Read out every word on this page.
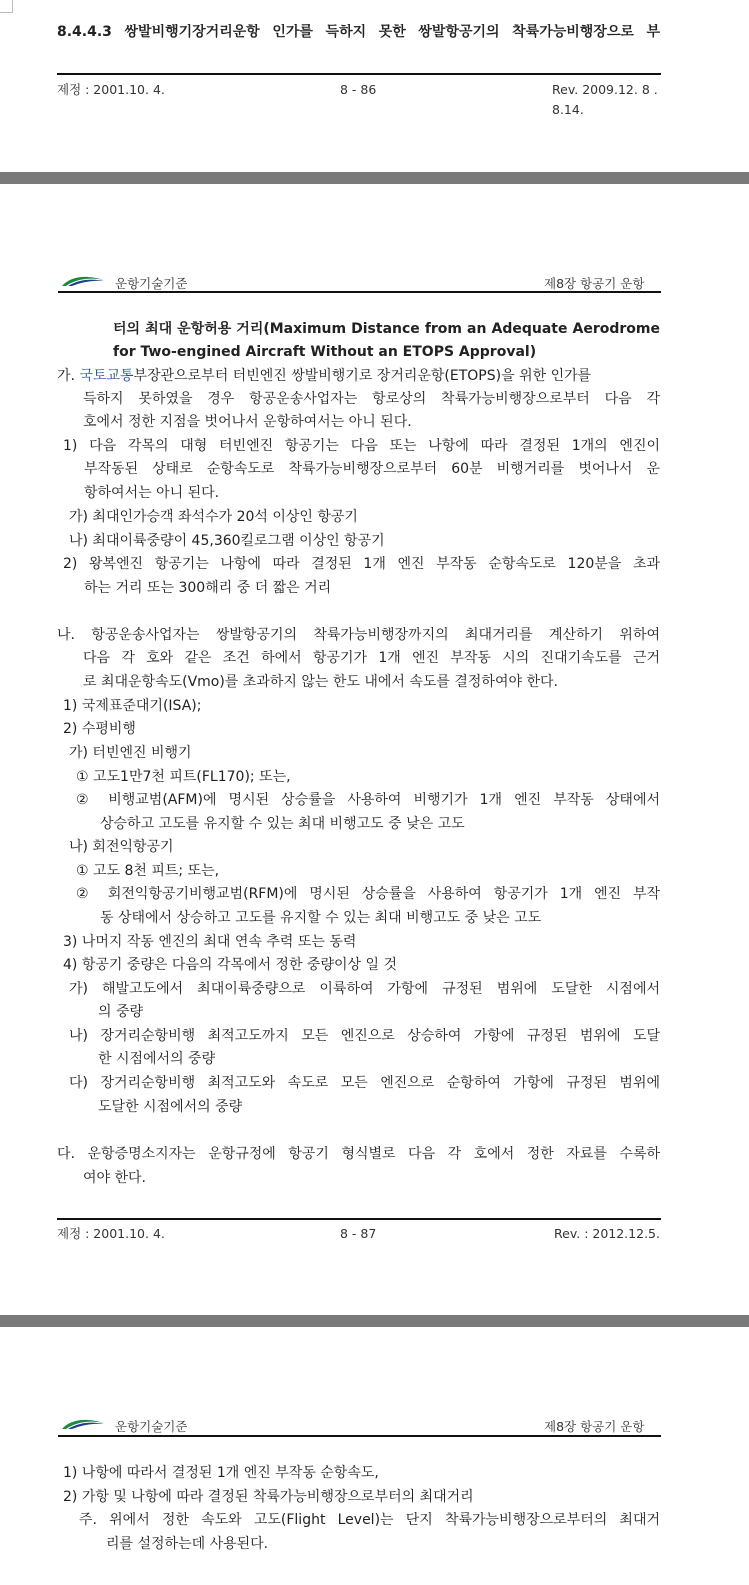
8.4.4.3 쌍발비행기장거리운항 인가를 득하지 못한 쌍발항공기의 착륙가능비행장으로 부
제정 : 2001.10. 4.	8 - 86	Rev. 2009.12. 8 .
8.14.
운항기술기준	제8장 항공기 운항
터의 최대 운항허용 거리(Maximum Distance from an Adequate Aerodrome
for Two-engined Aircraft Without an ETOPS Approval)
가. 국토교통부장관으로부터 터빈엔진 쌍발비행기로 장거리운항(ETOPS)을 위한 인가를
득하지 못하였을 경우 항공운송사업자는 항로상의 착륙가능비행장으로부터 다음 각
호에서 정한 지점을 벗어나서 운항하여서는 아니 된다.
1) 다음 각목의 대형 터빈엔진 항공기는 다음 또는 나항에 따라 결정된 1개의 엔진이
부작동된 상태로 순항속도로 착륙가능비행장으로부터 60분 비행거리를 벗어나서 운
항하여서는 아니 된다.
가) 최대인가승객 좌석수가 20석 이상인 항공기
나) 최대이륙중량이 45,360킬로그램 이상인 항공기
2) 왕복엔진 항공기는 나항에 따라 결정된 1개 엔진 부작동 순항속도로 120분을 초과
하는 거리 또는 300해리 중 더 짧은 거리
나. 항공운송사업자는 쌍발항공기의 착륙가능비행장까지의 최대거리를 계산하기 위하여
다음 각 호와 같은 조건 하에서 항공기가 1개 엔진 부작동 시의 진대기속도를 근거
로 최대운항속도(Vmo)를 초과하지 않는 한도 내에서 속도를 결정하여야 한다.
1) 국제표준대기(ISA);
2) 수평비행
가) 터빈엔진 비행기
① 고도1만7천 피트(FL170); 또는,
② 비행교범(AFM)에 명시된 상승률을 사용하여 비행기가 1개 엔진 부작동 상태에서
상승하고 고도를 유지할 수 있는 최대 비행고도 중 낮은 고도
나) 회전익항공기
① 고도 8천 피트; 또는,
② 회전익항공기비행교범(RFM)에 명시된 상승률을 사용하여 항공기가 1개 엔진 부작
동 상태에서 상승하고 고도를 유지할 수 있는 최대 비행고도 중 낮은 고도
3) 나머지 작동 엔진의 최대 연속 추력 또는 동력
4) 항공기 중량은 다음의 각목에서 정한 중량이상 일 것
가) 해발고도에서 최대이륙중량으로 이륙하여 가항에 규정된 범위에 도달한 시점에서
의 중량
나) 장거리순항비행 최적고도까지 모든 엔진으로 상승하여 가항에 규정된 범위에 도달
한 시점에서의 중량
다) 장거리순항비행 최적고도와 속도로 모든 엔진으로 순항하여 가항에 규정된 범위에
도달한 시점에서의 중량
다. 운항증명소지자는 운항규정에 항공기 형식별로 다음 각 호에서 정한 자료를 수록하
여야 한다.
제정 : 2001.10. 4.	8 - 87	Rev. : 2012.12.5.
운항기술기준	제8장 항공기 운항
1) 나항에 따라서 결정된 1개 엔진 부작동 순항속도,
2) 가항 및 나항에 따라 결정된 착륙가능비행장으로부터의 최대거리
주. 위에서 정한 속도와 고도(Flight Level)는 단지 착륙가능비행장으로부터의 최대거
리를 설정하는데 사용된다.
